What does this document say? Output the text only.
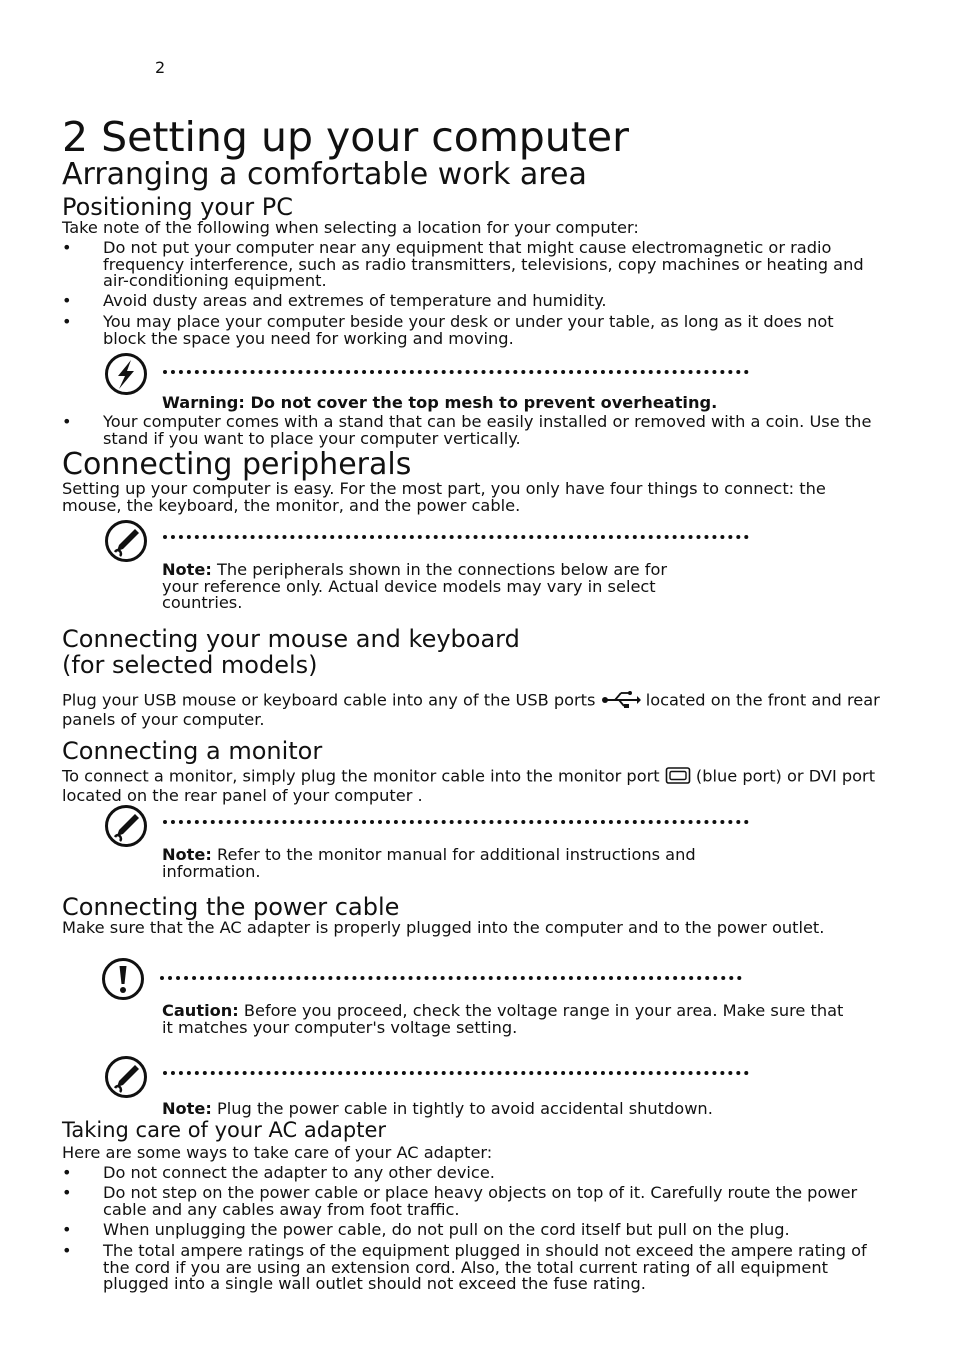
2
2 Setting up your computer
Arranging a comfortable work area
Positioning your PC
Take note of the following when selecting a location for your computer:
• Do not put your computer near any equipment that might cause electromagnetic or radio frequency interference, such as radio transmitters, televisions, copy machines or heating and air-conditioning equipment.
• Avoid dusty areas and extremes of temperature and humidity.
• You may place your computer beside your desk or under your table, as long as it does not block the space you need for working and moving.
Warning: Do not cover the top mesh to prevent overheating.
• Your computer comes with a stand that can be easily installed or removed with a coin. Use the stand if you want to place your computer vertically.
Connecting peripherals
Setting up your computer is easy. For the most part, you only have four things to connect: the mouse, the keyboard, the monitor, and the power cable.
Note: The peripherals shown in the connections below are for your reference only. Actual device models may vary in select countries.
Connecting your mouse and keyboard
(for selected models)
Plug your USB mouse or keyboard cable into any of the USB ports  located on the front and rear panels of your computer.
Connecting a monitor
To connect a monitor, simply plug the monitor cable into the monitor port  (blue port) or DVI port located on the rear panel of your computer .
Note: Refer to the monitor manual for additional instructions and information.
Connecting the power cable
Make sure that the AC adapter is properly plugged into the computer and to the power outlet.
Caution: Before you proceed, check the voltage range in your area. Make sure that it matches your computer's voltage setting.
Note: Plug the power cable in tightly to avoid accidental shutdown.
Taking care of your AC adapter
Here are some ways to take care of your AC adapter:
• Do not connect the adapter to any other device.
• Do not step on the power cable or place heavy objects on top of it. Carefully route the power cable and any cables away from foot traffic.
• When unplugging the power cable, do not pull on the cord itself but pull on the plug.
• The total ampere ratings of the equipment plugged in should not exceed the ampere rating of the cord if you are using an extension cord. Also, the total current rating of all equipment plugged into a single wall outlet should not exceed the fuse rating.
